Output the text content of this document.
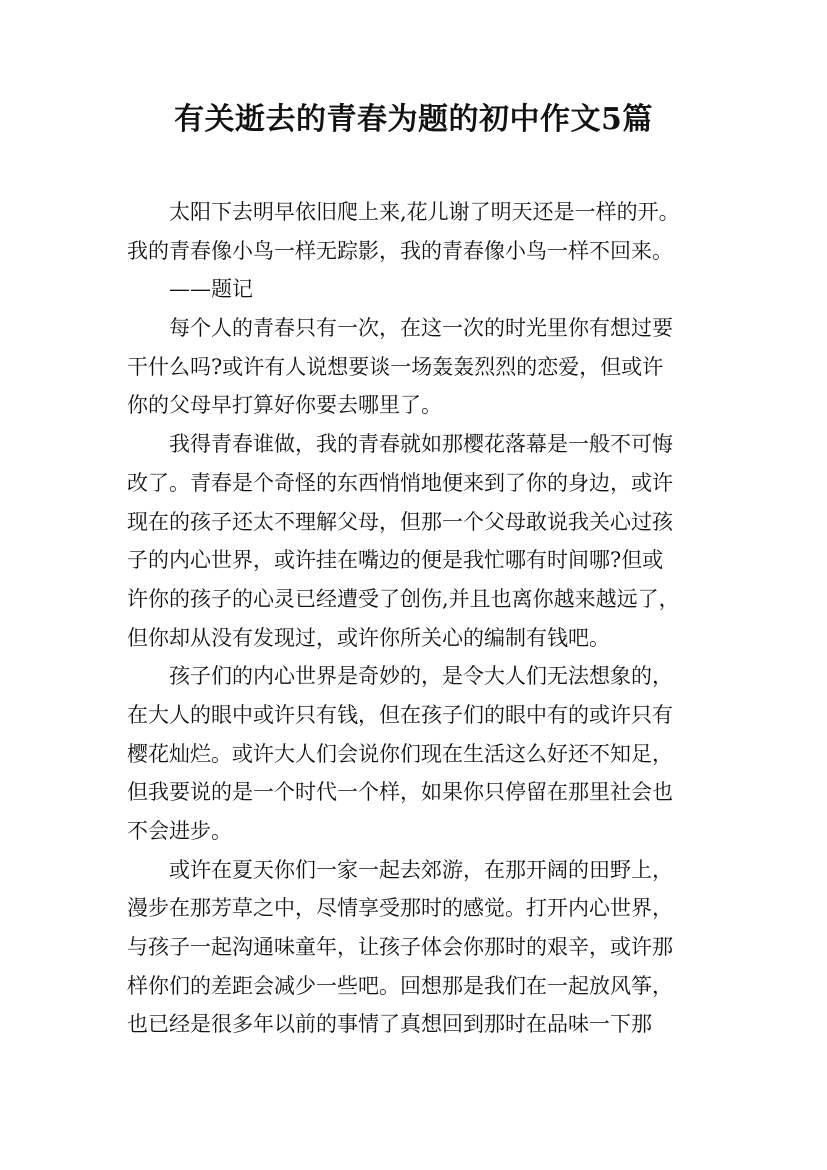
有关逝去的青春为题的初中作文5篇
太阳下去明早依旧爬上来,花儿谢了明天还是一样的开。
我的青春像小鸟一样无踪影，我的青春像小鸟一样不回来。
——题记
每个人的青春只有一次，在这一次的时光里你有想过要
干什么吗?或许有人说想要谈一场轰轰烈烈的恋爱，但或许
你的父母早打算好你要去哪里了。
我得青春谁做，我的青春就如那樱花落幕是一般不可悔
改了。青春是个奇怪的东西悄悄地便来到了你的身边，或许
现在的孩子还太不理解父母，但那一个父母敢说我关心过孩
子的内心世界，或许挂在嘴边的便是我忙哪有时间哪?但或
许你的孩子的心灵已经遭受了创伤,并且也离你越来越远了，
但你却从没有发现过，或许你所关心的编制有钱吧。
孩子们的内心世界是奇妙的，是令大人们无法想象的，
在大人的眼中或许只有钱，但在孩子们的眼中有的或许只有
樱花灿烂。或许大人们会说你们现在生活这么好还不知足，
但我要说的是一个时代一个样，如果你只停留在那里社会也
不会进步。
或许在夏天你们一家一起去郊游，在那开阔的田野上，
漫步在那芳草之中，尽情享受那时的感觉。打开内心世界，
与孩子一起沟通味童年，让孩子体会你那时的艰辛，或许那
样你们的差距会减少一些吧。回想那是我们在一起放风筝，
也已经是很多年以前的事情了真想回到那时在品味一下那
